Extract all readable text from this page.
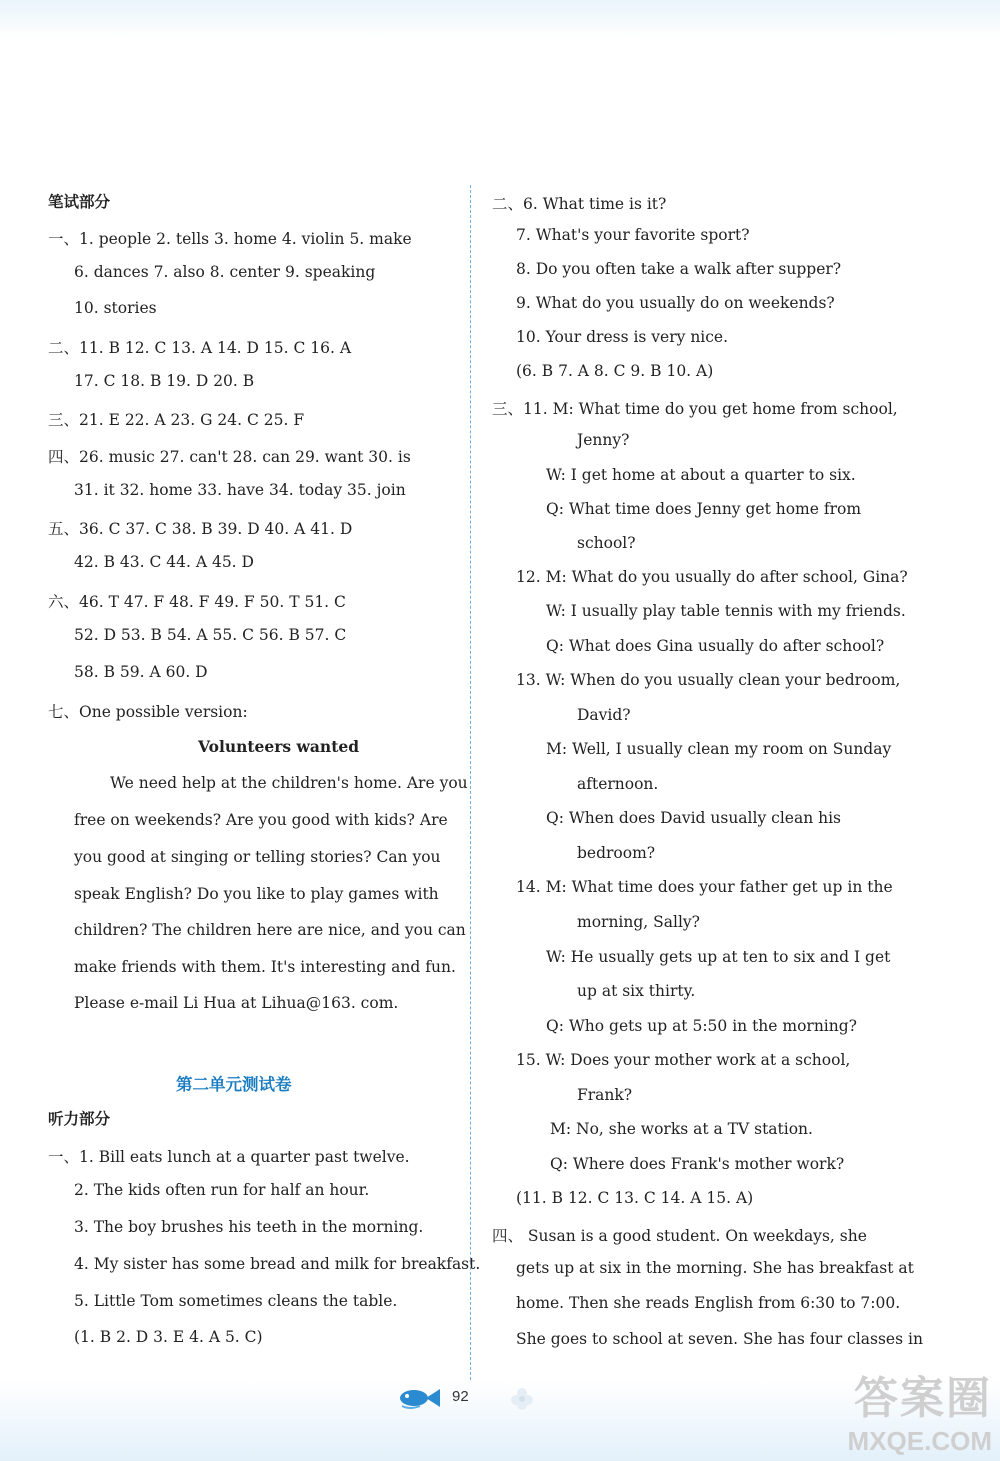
笔试部分
一、1. people 2. tells 3. home 4. violin 5. make
6. dances 7. also 8. center 9. speaking
10. stories
二、11. B 12. C 13. A 14. D 15. C 16. A
17. C 18. B 19. D 20. B
三、21. E 22. A 23. G 24. C 25. F
四、26. music 27. can't 28. can 29. want 30. is
31. it 32. home 33. have 34. today 35. join
五、36. C 37. C 38. B 39. D 40. A 41. D
42. B 43. C 44. A 45. D
六、46. T 47. F 48. F 49. F 50. T 51. C
52. D 53. B 54. A 55. C 56. B 57. C
58. B 59. A 60. D
七、One possible version:
Volunteers wanted
We need help at the children's home. Are you
free on weekends? Are you good with kids? Are
you good at singing or telling stories? Can you
speak English? Do you like to play games with
children? The children here are nice, and you can
make friends with them. It's interesting and fun.
Please e-mail Li Hua at Lihua@163. com.
第二单元测试卷
听力部分
一、1. Bill eats lunch at a quarter past twelve.
2. The kids often run for half an hour.
3. The boy brushes his teeth in the morning.
4. My sister has some bread and milk for breakfast.
5. Little Tom sometimes cleans the table.
(1. B 2. D 3. E 4. A 5. C)
二、6. What time is it?
7. What's your favorite sport?
8. Do you often take a walk after supper?
9. What do you usually do on weekends?
10. Your dress is very nice.
(6. B 7. A 8. C 9. B 10. A)
三、11. M: What time do you get home from school,
Jenny?
W: I get home at about a quarter to six.
Q: What time does Jenny get home from
school?
12. M: What do you usually do after school, Gina?
W: I usually play table tennis with my friends.
Q: What does Gina usually do after school?
13. W: When do you usually clean your bedroom,
David?
M: Well, I usually clean my room on Sunday
afternoon.
Q: When does David usually clean his
bedroom?
14. M: What time does your father get up in the
morning, Sally?
W: He usually gets up at ten to six and I get
up at six thirty.
Q: Who gets up at 5:50 in the morning?
15. W: Does your mother work at a school,
Frank?
M: No, she works at a TV station.
Q: Where does Frank's mother work?
(11. B 12. C 13. C 14. A 15. A)
四、 Susan is a good student. On weekdays, she
gets up at six in the morning. She has breakfast at
home. Then she reads English from 6:30 to 7:00.
She goes to school at seven. She has four classes in
92	答案圈
MXQE.COM
